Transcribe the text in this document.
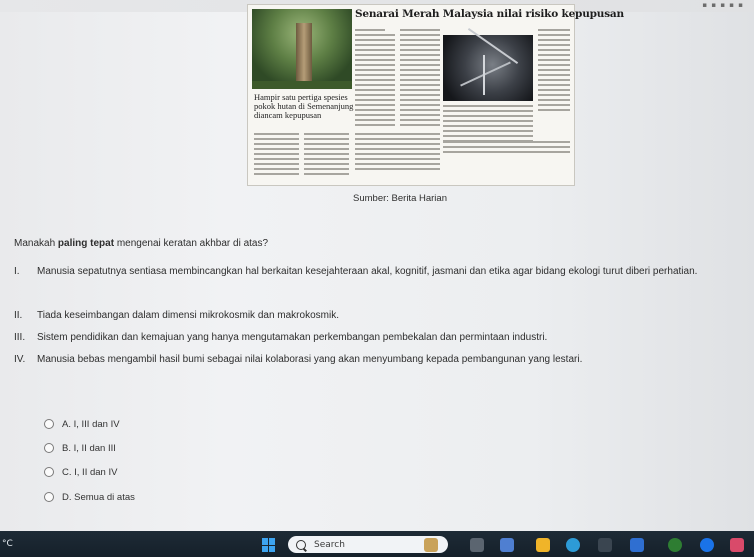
▪ ▪ ▪ ▪ ▪
Senarai Merah Malaysia nilai risiko kepupusan
Hampir satu pertiga spesies pokok hutan di Semenanjung diancam kepupusan
Sumber: Berita Harian
Manakah paling tepat mengenai keratan akhbar di atas?
I. Manusia sepatutnya sentiasa membincangkan hal berkaitan kesejahteraan akal, kognitif, jasmani dan etika agar bidang ekologi turut diberi perhatian.
II. Tiada keseimbangan dalam dimensi mikrokosmik dan makrokosmik.
III. Sistem pendidikan dan kemajuan yang hanya mengutamakan perkembangan pembekalan dan permintaan industri.
IV. Manusia bebas mengambil hasil bumi sebagai nilai kolaborasi yang akan menyumbang kepada pembangunan yang lestari.
A. I, III dan IV
B. I, II dan III
C. I, II dan IV
D. Semua di atas
°C	Search
